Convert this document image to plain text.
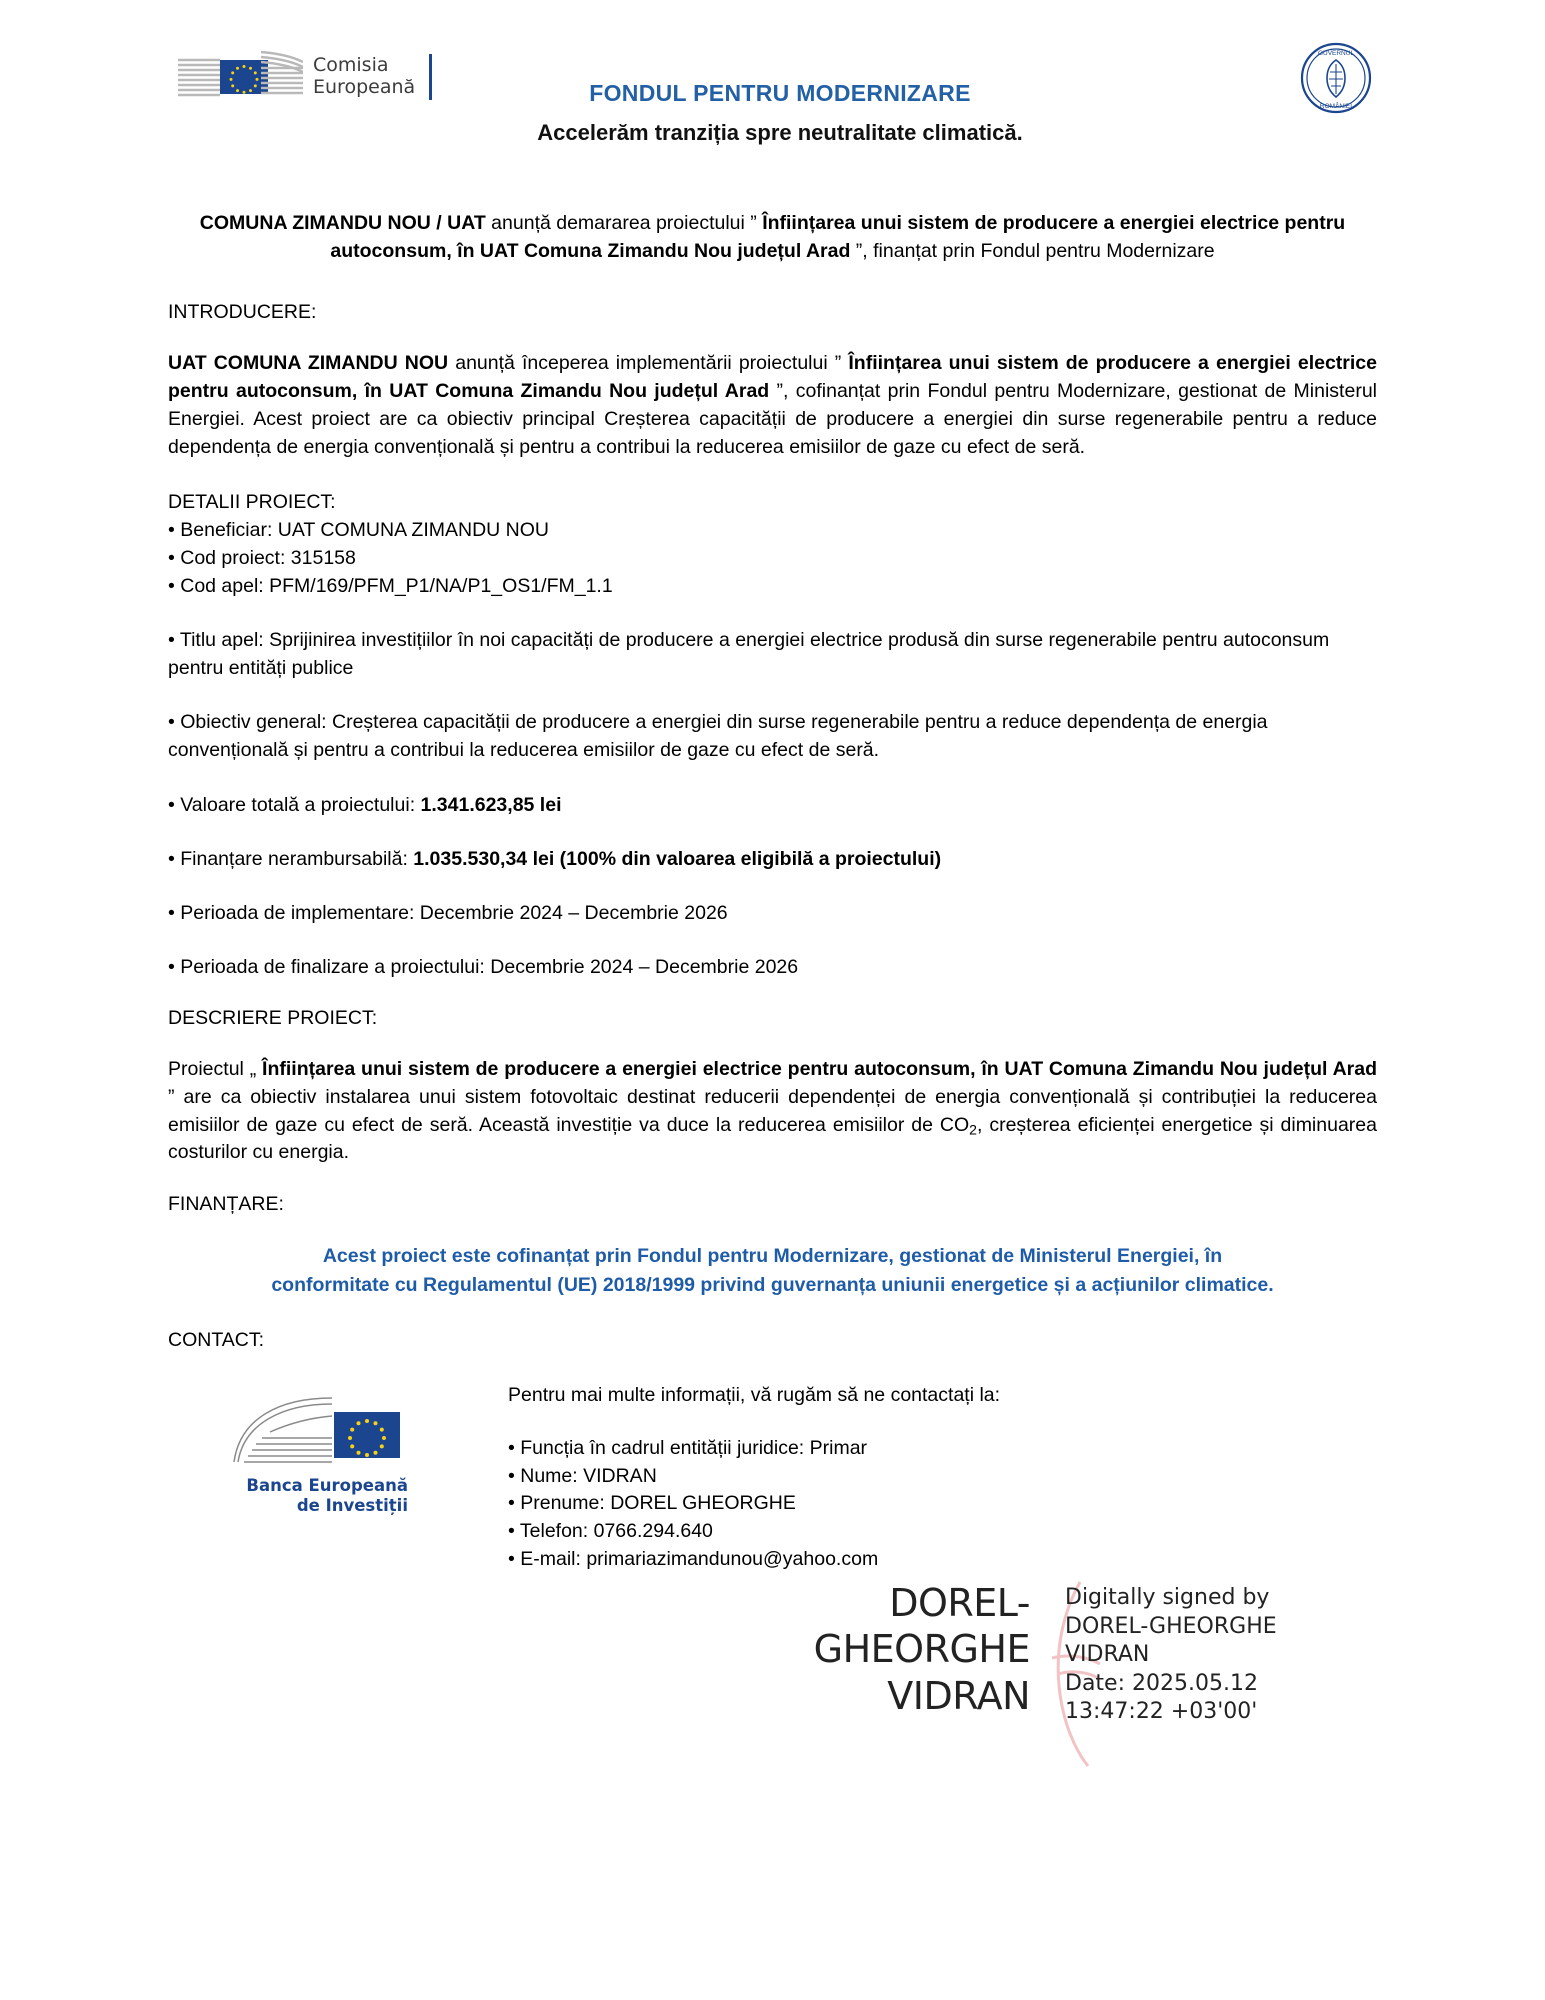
Comisia
Europeană	FONDUL PENTRU MODERNIZARE
Accelerăm tranziția spre neutralitate climatică.
GUVERNUL
ROMÂNIEI
COMUNA ZIMANDU NOU / UAT anunță demararea proiectului ” Înființarea unui sistem de producere a energiei electrice pentru autoconsum, în UAT Comuna Zimandu Nou județul Arad ”, finanțat prin Fondul pentru Modernizare
INTRODUCERE:

UAT COMUNA ZIMANDU NOU anunță începerea implementării proiectului ” Înființarea unui sistem de producere a energiei electrice pentru autoconsum, în UAT Comuna Zimandu Nou județul Arad ”, cofinanțat prin Fondul pentru Modernizare, gestionat de Ministerul Energiei. Acest proiect are ca obiectiv principal Creșterea capacității de producere a energiei din surse regenerabile pentru a reduce dependența de energia convențională și pentru a contribui la reducerea emisiilor de gaze cu efect de seră.

DETALII PROIECT:
• Beneficiar: UAT COMUNA ZIMANDU NOU
• Cod proiect: 315158
• Cod apel: PFM/169/PFM_P1/NA/P1_OS1/FM_1.1
• Titlu apel: Sprijinirea investițiilor în noi capacități de producere a energiei electrice produsă din surse regenerabile pentru autoconsum pentru entități publice
• Obiectiv general: Creșterea capacității de producere a energiei din surse regenerabile pentru a reduce dependența de energia convențională și pentru a contribui la reducerea emisiilor de gaze cu efect de seră.
• Valoare totală a proiectului: 1.341.623,85 lei
• Finanțare nerambursabilă: 1.035.530,34 lei (100% din valoarea eligibilă a proiectului)
• Perioada de implementare: Decembrie 2024 – Decembrie 2026
• Perioada de finalizare a proiectului: Decembrie 2024 – Decembrie 2026
DESCRIERE PROIECT:

Proiectul „ Înființarea unui sistem de producere a energiei electrice pentru autoconsum, în UAT Comuna Zimandu Nou județul Arad ” are ca obiectiv instalarea unui sistem fotovoltaic destinat reducerii dependenței de energia convențională și contribuției la reducerea emisiilor de gaze cu efect de seră. Această investiție va duce la reducerea emisiilor de $CO_2$, creșterea eficienței energetice și diminuarea costurilor cu energia.

FINANȚARE:
Acest proiect este cofinanțat prin Fondul pentru Modernizare, gestionat de Ministerul Energiei, în
conformitate cu Regulamentul (UE) 2018/1999 privind guvernanța uniunii energetice și a acțiunilor climatice.
CONTACT:
Banca Europeană
de Investiții
Pentru mai multe informații, vă rugăm să ne contactați la:
• Funcția în cadrul entității juridice: Primar
• Nume: VIDRAN
• Prenume: DOREL GHEORGHE
• Telefon: 0766.294.640
• E-mail: primariazimandunou@yahoo.com
DOREL-
GHEORGHE
VIDRAN
Digitally signed by
DOREL-GHEORGHE
VIDRAN
Date: 2025.05.12
13:47:22 +03'00'
